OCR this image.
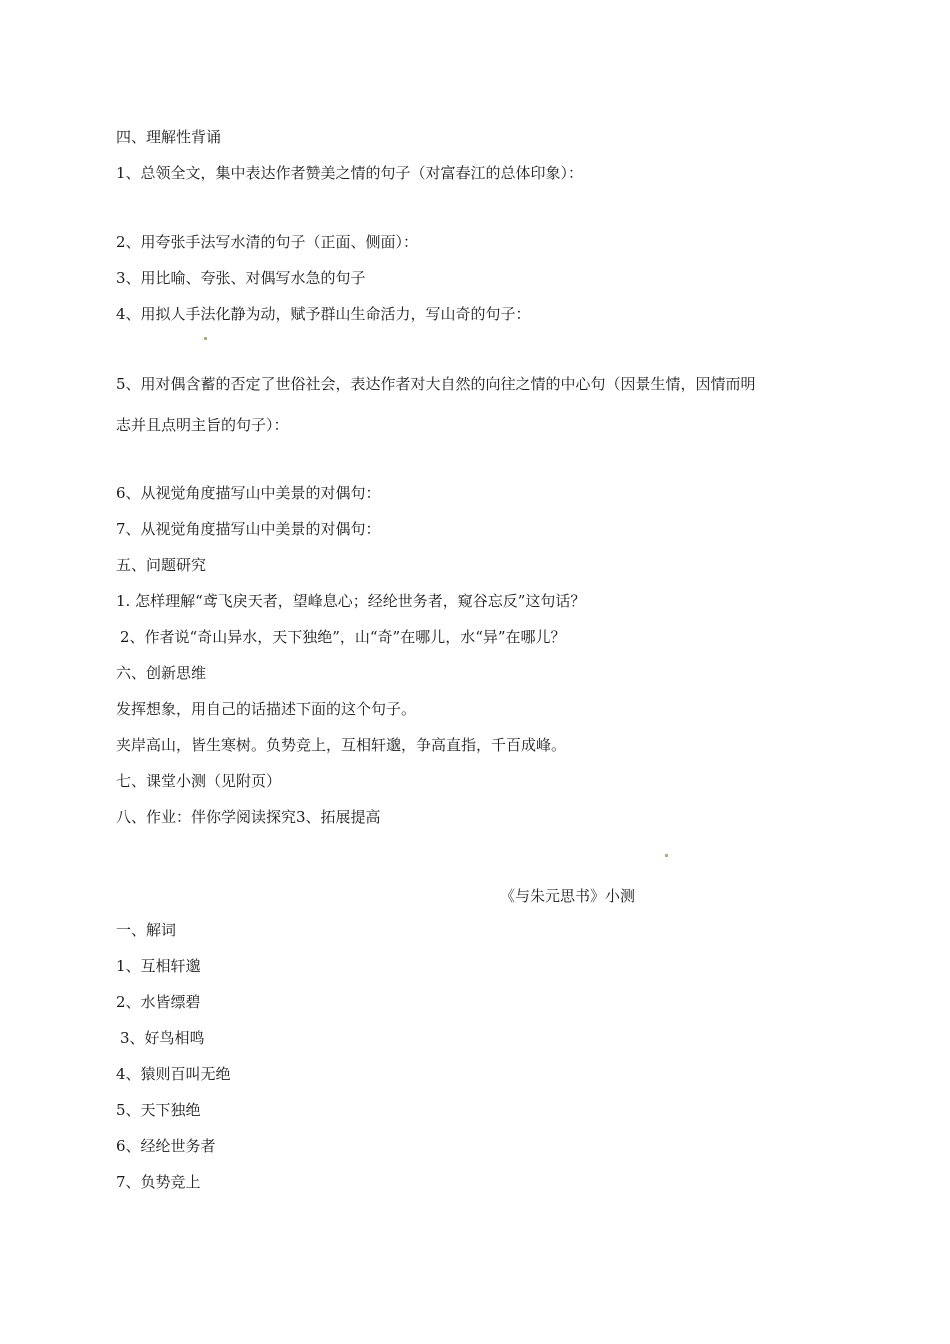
四、理解性背诵
1、总领全文，集中表达作者赞美之情的句子（对富春江的总体印象）：
2、用夸张手法写水清的句子（正面、侧面）：
3、用比喻、夸张、对偶写水急的句子
4、用拟人手法化静为动，赋予群山生命活力，写山奇的句子：
5、用对偶含蓄的否定了世俗社会，表达作者对大自然的向往之情的中心句（因景生情，因情而明
志并且点明主旨的句子）：
6、从视觉角度描写山中美景的对偶句：
7、从视觉角度描写山中美景的对偶句：
五、问题研究
1. 怎样理解“鸢飞戾天者，望峰息心；经纶世务者，窥谷忘反”这句话？
2、作者说“奇山异水，天下独绝”，山“奇”在哪儿，水“异”在哪儿？
六、创新思维
发挥想象，用自己的话描述下面的这个句子。
夹岸高山，皆生寒树。负势竞上，互相轩邈，争高直指，千百成峰。
七、课堂小测（见附页）
八、作业：伴你学阅读探究3、拓展提高
《与朱元思书》小测
一、解词
1、互相轩邈
2、水皆缥碧
3、好鸟相鸣
4、猿则百叫无绝
5、天下独绝
6、经纶世务者
7、负势竞上
